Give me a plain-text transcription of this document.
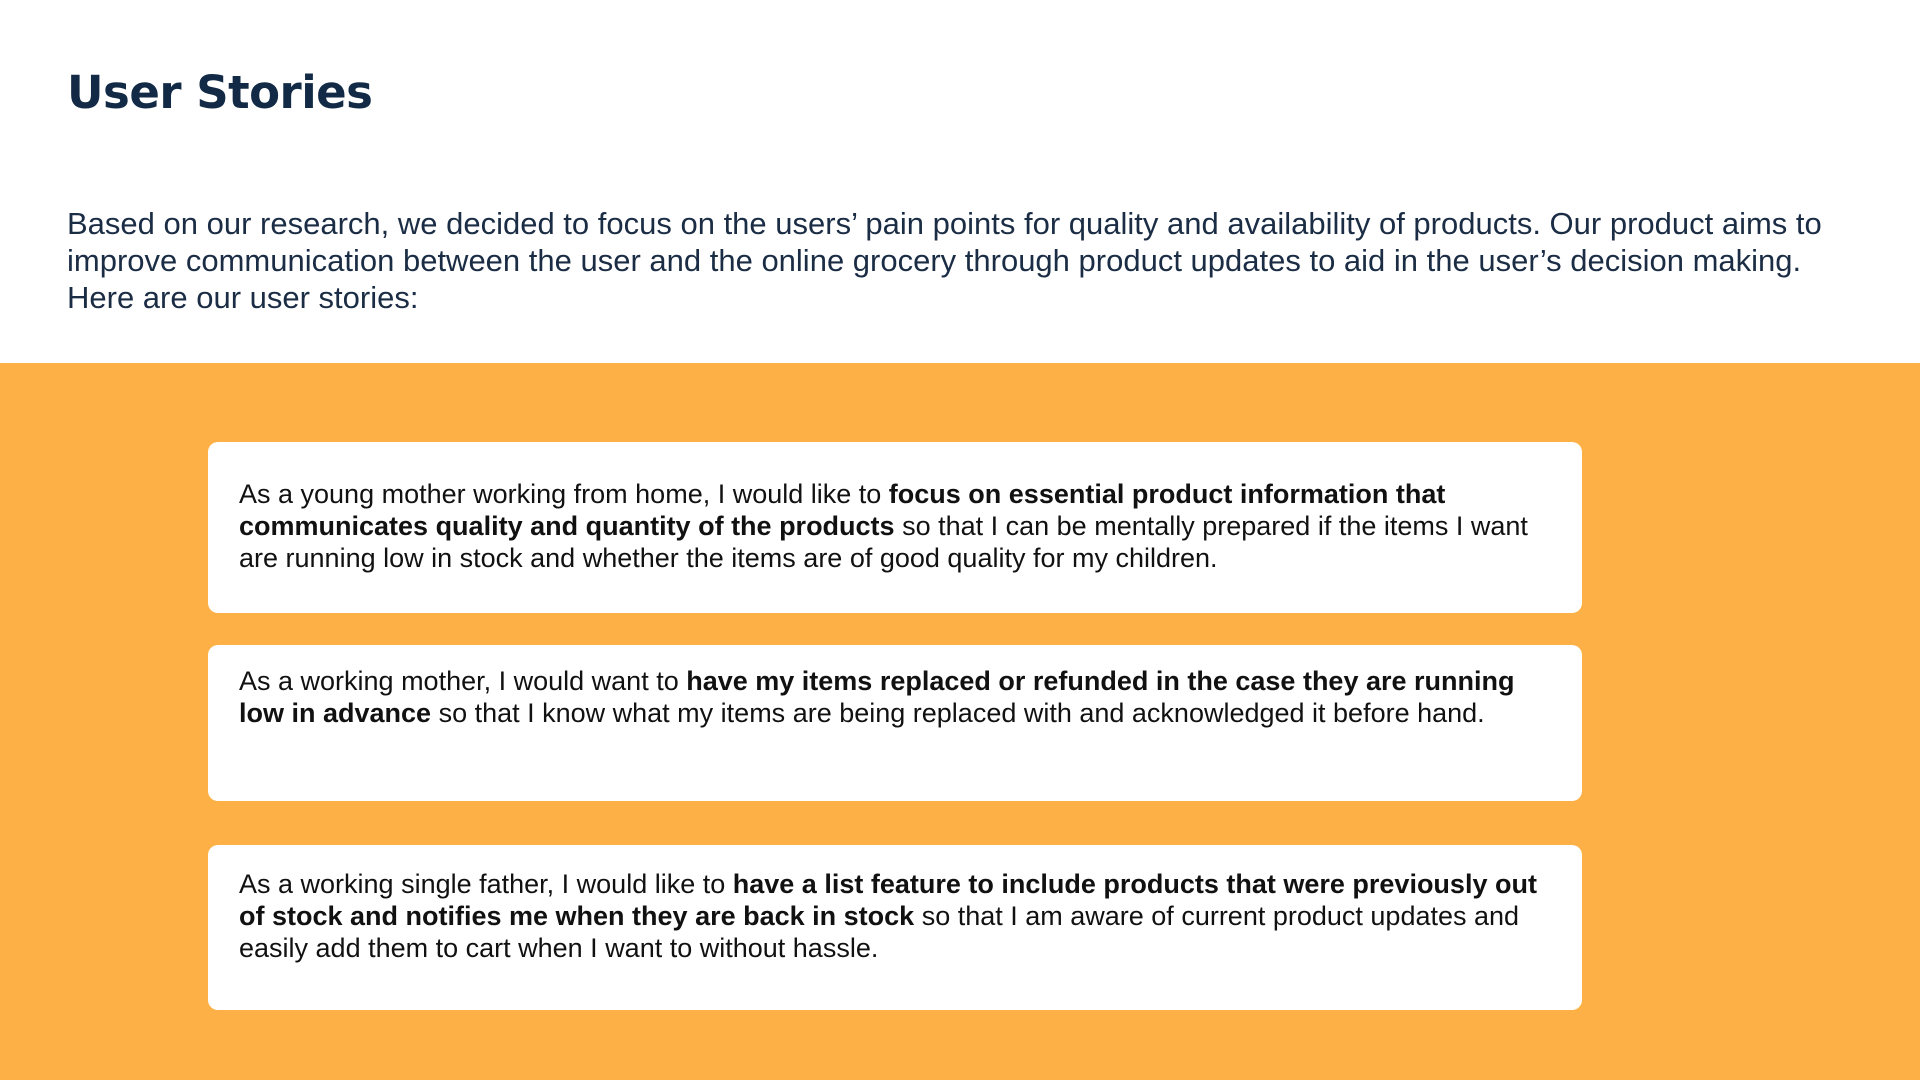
User Stories

Based on our research, we decided to focus on the users’ pain points for quality and availability of products. Our product aims to improve communication between the user and the online grocery through product updates to aid in the user’s decision making. Here are our user stories:

As a young mother working from home, I would like to focus on essential product information that communicates quality and quantity of the products so that I can be mentally prepared if the items I want are running low in stock and whether the items are of good quality for my children.

As a working mother, I would want to have my items replaced or refunded in the case they are running low in advance so that I know what my items are being replaced with and acknowledged it before hand.

As a working single father, I would like to have a list feature to include products that were previously out of stock and notifies me when they are back in stock so that I am aware of current product updates and easily add them to cart when I want to without hassle.
